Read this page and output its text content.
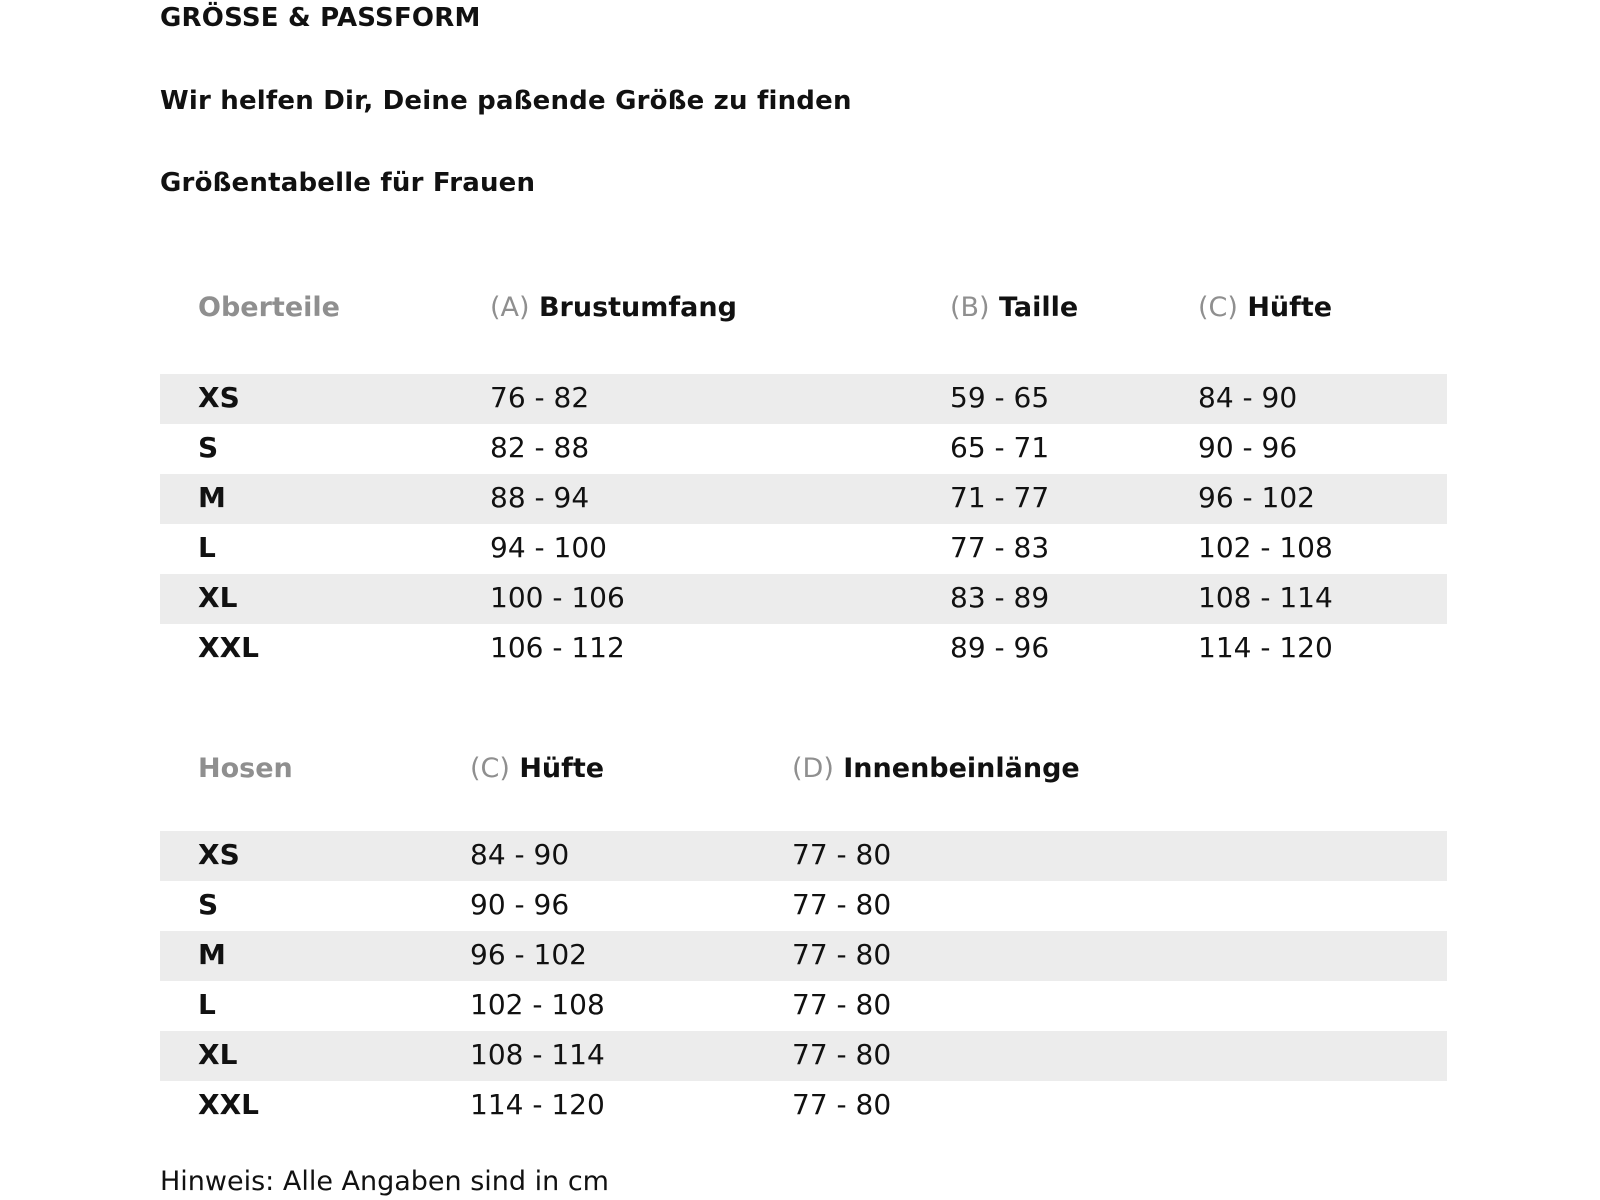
GRÖSSE & PASSFORM
Wir helfen Dir, Deine paßende Größe zu finden
Größentabelle für Frauen
Oberteile	(A) Brustumfang	(B) Taille	(C) Hüfte
XS	76 - 82	59 - 65	84 - 90
S	82 - 88	65 - 71	90 - 96
M	88 - 94	71 - 77	96 - 102
L	94 - 100	77 - 83	102 - 108
XL	100 - 106	83 - 89	108 - 114
XXL	106 - 112	89 - 96	114 - 120
Hosen	(C) Hüfte	(D) Innenbeinlänge
XS	84 - 90	77 - 80
S	90 - 96	77 - 80
M	96 - 102	77 - 80
L	102 - 108	77 - 80
XL	108 - 114	77 - 80
XXL	114 - 120	77 - 80
Hinweis: Alle Angaben sind in cm
